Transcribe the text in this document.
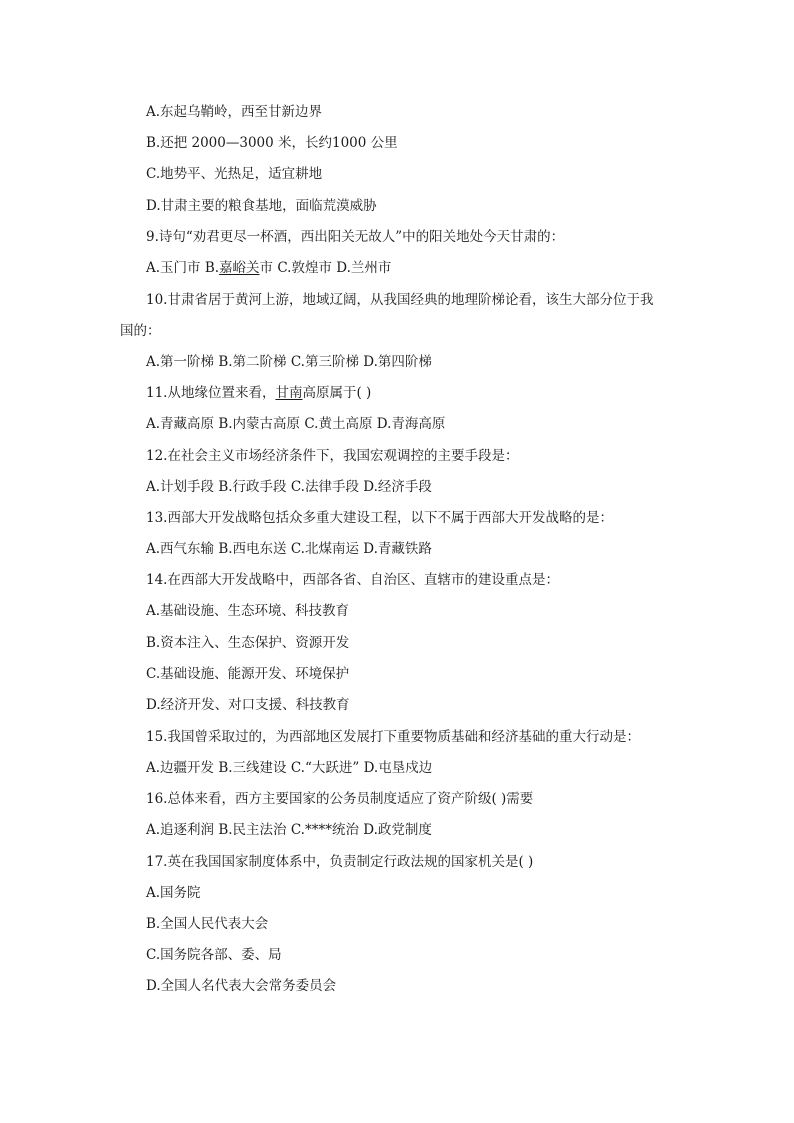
A.东起乌鞘岭，西至甘新边界
B.还把 2000—3000 米，长约1000 公里
C.地势平、光热足，适宜耕地
D.甘肃主要的粮食基地，面临荒漠威胁
9.诗句“劝君更尽一杯酒，西出阳关无故人”中的阳关地处今天甘肃的：
A.玉门市 B.嘉峪关市 C.敦煌市 D.兰州市
10.甘肃省居于黄河上游，地域辽阔，从我国经典的地理阶梯论看，该生大部分位于我
国的：
A.第一阶梯 B.第二阶梯 C.第三阶梯 D.第四阶梯
11.从地缘位置来看，甘南高原属于( )
A.青藏高原 B.内蒙古高原 C.黄土高原 D.青海高原
12.在社会主义市场经济条件下，我国宏观调控的主要手段是：
A.计划手段 B.行政手段 C.法律手段 D.经济手段
13.西部大开发战略包括众多重大建设工程，以下不属于西部大开发战略的是：
A.西气东输 B.西电东送 C.北煤南运 D.青藏铁路
14.在西部大开发战略中，西部各省、自治区、直辖市的建设重点是：
A.基础设施、生态环境、科技教育
B.资本注入、生态保护、资源开发
C.基础设施、能源开发、环境保护
D.经济开发、对口支援、科技教育
15.我国曾采取过的，为西部地区发展打下重要物质基础和经济基础的重大行动是：
A.边疆开发 B.三线建设 C.“大跃进” D.屯垦戍边
16.总体来看，西方主要国家的公务员制度适应了资产阶级( )需要
A.追逐利润 B.民主法治 C.****统治 D.政党制度
17.英在我国国家制度体系中，负责制定行政法规的国家机关是( )
A.国务院
B.全国人民代表大会
C.国务院各部、委、局
D.全国人名代表大会常务委员会
